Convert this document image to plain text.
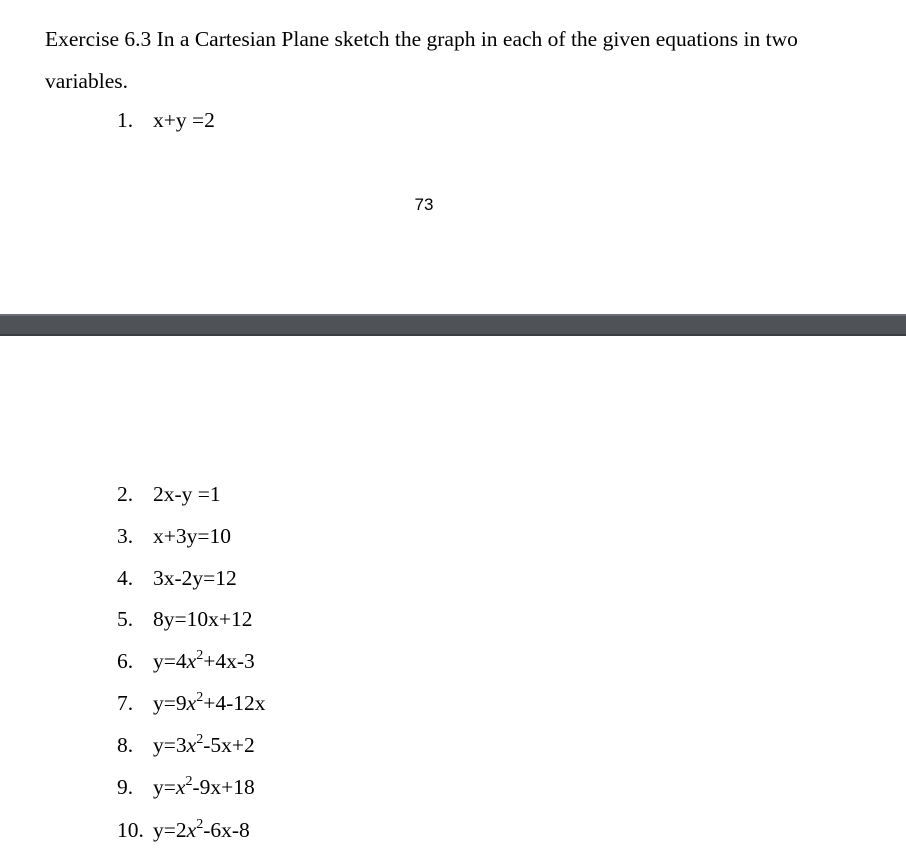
Exercise 6.3 In a Cartesian Plane sketch the graph in each of the given equations in two variables.

1. x+y =2
73
2. 2x-y =1
3. x+3y=10
4. 3x-2y=12
5. 8y=10x+12
6. $y=4x^2+4x-3$
7. $y=9x^2+4-12x$
8. $y=3x^2-5x+2$
9. $y=x^2-9x+18$
10. $y=2x^2-6x-8$
